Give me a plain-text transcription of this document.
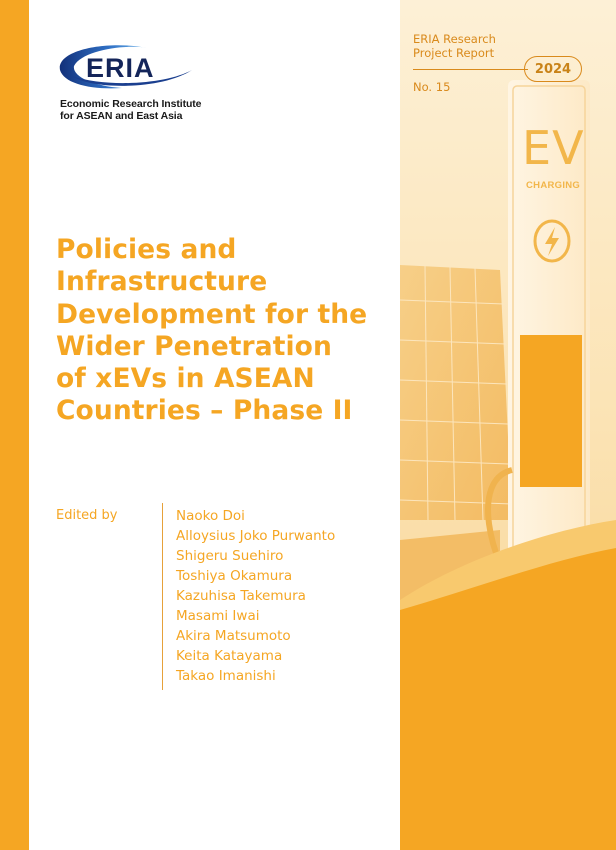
ERIA
Economic Research Institute
for ASEAN and East Asia
Policies and
Infrastructure
Development for the
Wider Penetration
of xEVs in ASEAN
Countries – Phase II
Edited by	Naoko Doi
Alloysius Joko Purwanto
Shigeru Suehiro
Toshiya Okamura
Kazuhisa Takemura
Masami Iwai
Akira Matsumoto
Keita Katayama
Takao Imanishi
ERIA Research
Project Report
No. 15
2024
EV
CHARGING
